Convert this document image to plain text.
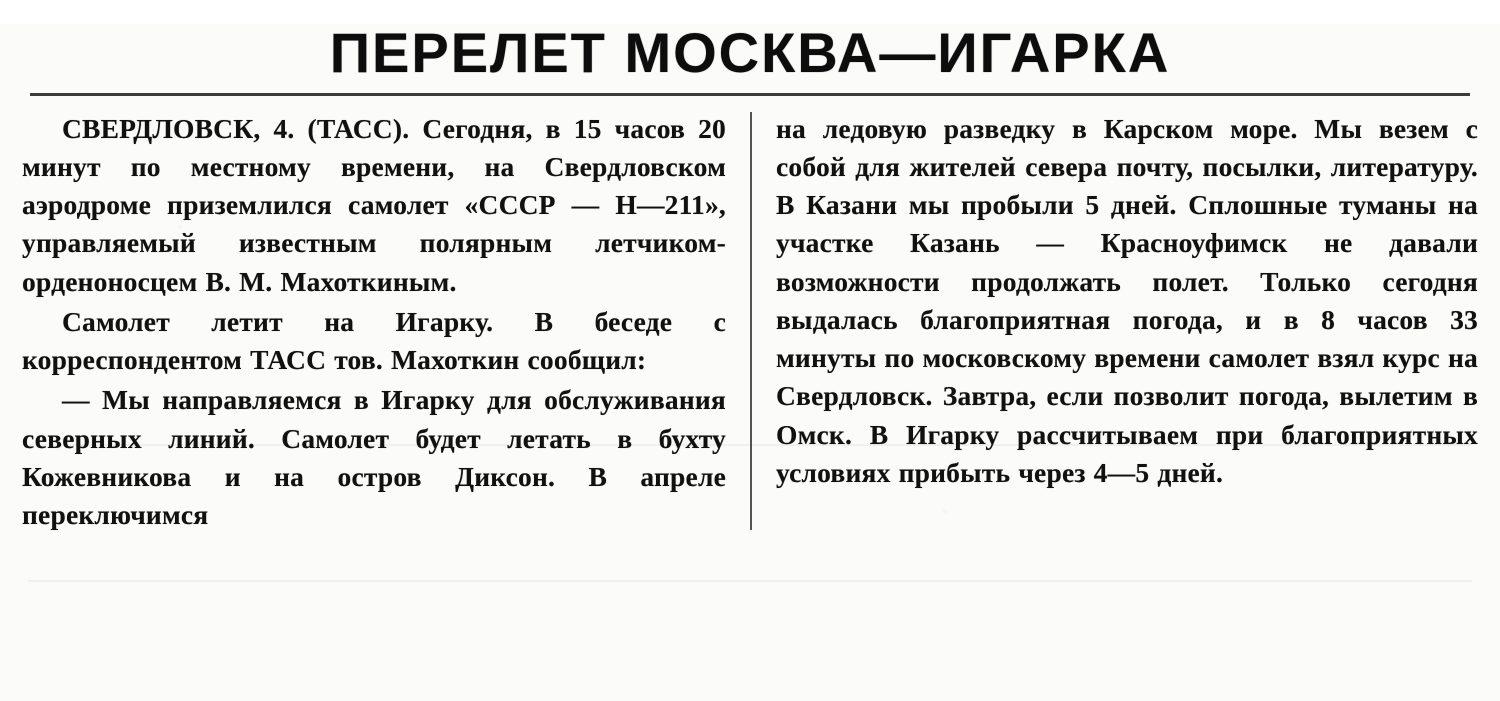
ПЕРЕЛЕТ МОСКВА—ИГАРКА

СВЕРДЛОВСК, 4. (ТАСС). Сегодня, в 15 часов 20 минут по местному времени, на Свердловском аэродроме приземлился самолет «СССР — Н—211», управляемый известным полярным летчиком-орденоносцем В. М. Махоткиным.

Самолет летит на Игарку. В беседе с корреспондентом ТАСС тов. Махоткин сообщил:

— Мы направляемся в Игарку для обслуживания северных линий. Самолет будет летать в бухту Кожевникова и на остров Диксон. В апреле переключимся

на ледовую разведку в Карском море. Мы везем с собой для жителей севера почту, посылки, литературу. В Казани мы пробыли 5 дней. Сплошные туманы на участке Казань — Красноуфимск не давали возможности продолжать полет. Только сегодня выдалась благоприятная погода, и в 8 часов 33 минуты по московскому времени самолет взял курс на Свердловск. Завтра, если позволит погода, вылетим в Омск. В Игарку рассчитываем при благоприятных условиях прибыть через 4—5 дней.
